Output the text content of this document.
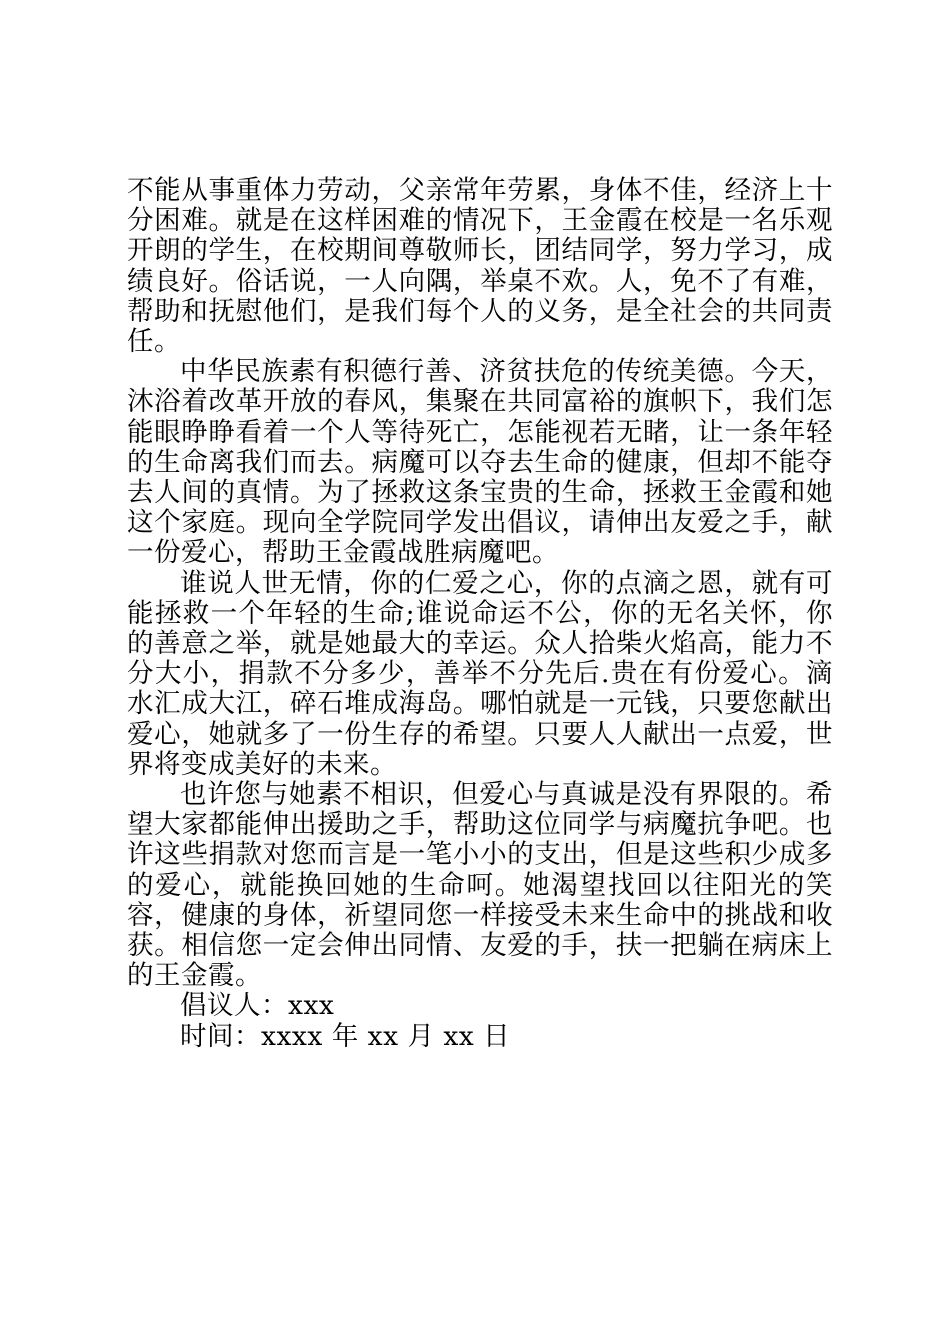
不能从事重体力劳动，父亲常年劳累，身体不佳，经济上十分困难。就是在这样困难的情况下，王金霞在校是一名乐观开朗的学生，在校期间尊敬师长，团结同学，努力学习，成绩良好。俗话说，一人向隅，举桌不欢。人，免不了有难，帮助和抚慰他们，是我们每个人的义务，是全社会的共同责任。

中华民族素有积德行善、济贫扶危的传统美德。今天，沐浴着改革开放的春风，集聚在共同富裕的旗帜下，我们怎能眼睁睁看着一个人等待死亡，怎能视若无睹，让一条年轻的生命离我们而去。病魔可以夺去生命的健康，但却不能夺去人间的真情。为了拯救这条宝贵的生命，拯救王金霞和她这个家庭。现向全学院同学发出倡议，请伸出友爱之手，献一份爱心，帮助王金霞战胜病魔吧。

谁说人世无情，你的仁爱之心，你的点滴之恩，就有可能拯救一个年轻的生命;谁说命运不公，你的无名关怀，你的善意之举，就是她最大的幸运。众人拾柴火焰高，能力不分大小，捐款不分多少，善举不分先后.贵在有份爱心。滴水汇成大江，碎石堆成海岛。哪怕就是一元钱，只要您献出爱心，她就多了一份生存的希望。只要人人献出一点爱，世界将变成美好的未来。

也许您与她素不相识，但爱心与真诚是没有界限的。希望大家都能伸出援助之手，帮助这位同学与病魔抗争吧。也许这些捐款对您而言是一笔小小的支出，但是这些积少成多的爱心，就能换回她的生命呵。她渴望找回以往阳光的笑容，健康的身体，祈望同您一样接受未来生命中的挑战和收获。相信您一定会伸出同情、友爱的手，扶一把躺在病床上的王金霞。

倡议人：xxx

时间：xxxx 年 xx 月 xx 日
